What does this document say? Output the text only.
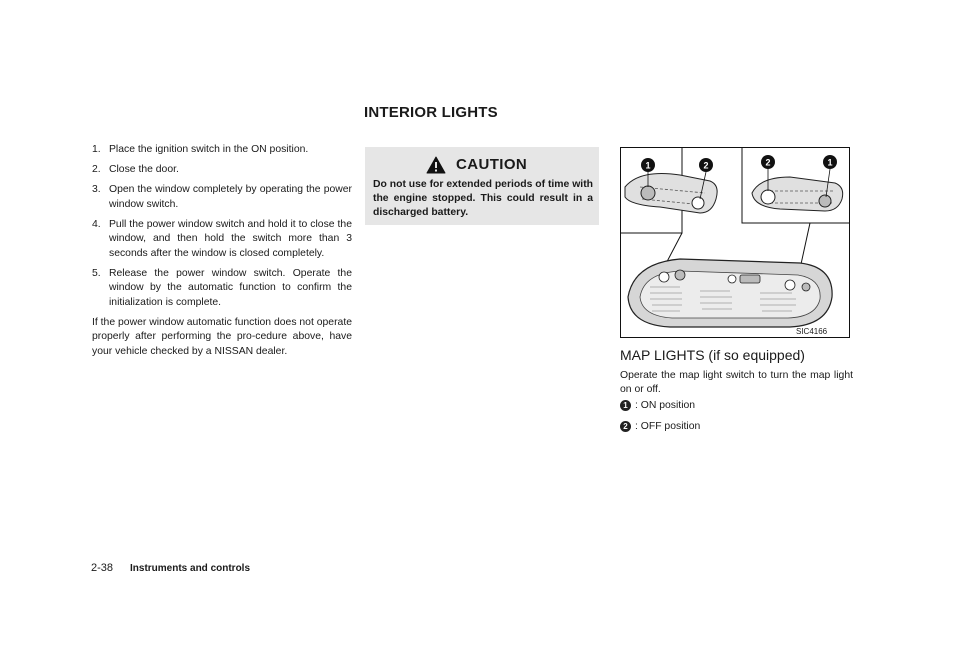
INTERIOR LIGHTS
1. Place the ignition switch in the ON position.
2. Close the door.
3. Open the window completely by operating the power window switch.
4. Pull the power window switch and hold it to close the window, and then hold the switch more than 3 seconds after the window is closed completely.
5. Release the power window switch. Operate the window by the automatic function to confirm the initialization is complete.

If the power window automatic function does not operate properly after performing the pro-cedure above, have your vehicle checked by a NISSAN dealer.

CAUTION
Do not use for extended periods of time with the engine stopped. This could result in a discharged battery.
1	2	2	1
SIC4166
MAP LIGHTS (if so equipped)
Operate the map light switch to turn the map light on or off.
1 : ON position
2 : OFF position
2-38 Instruments and controls
